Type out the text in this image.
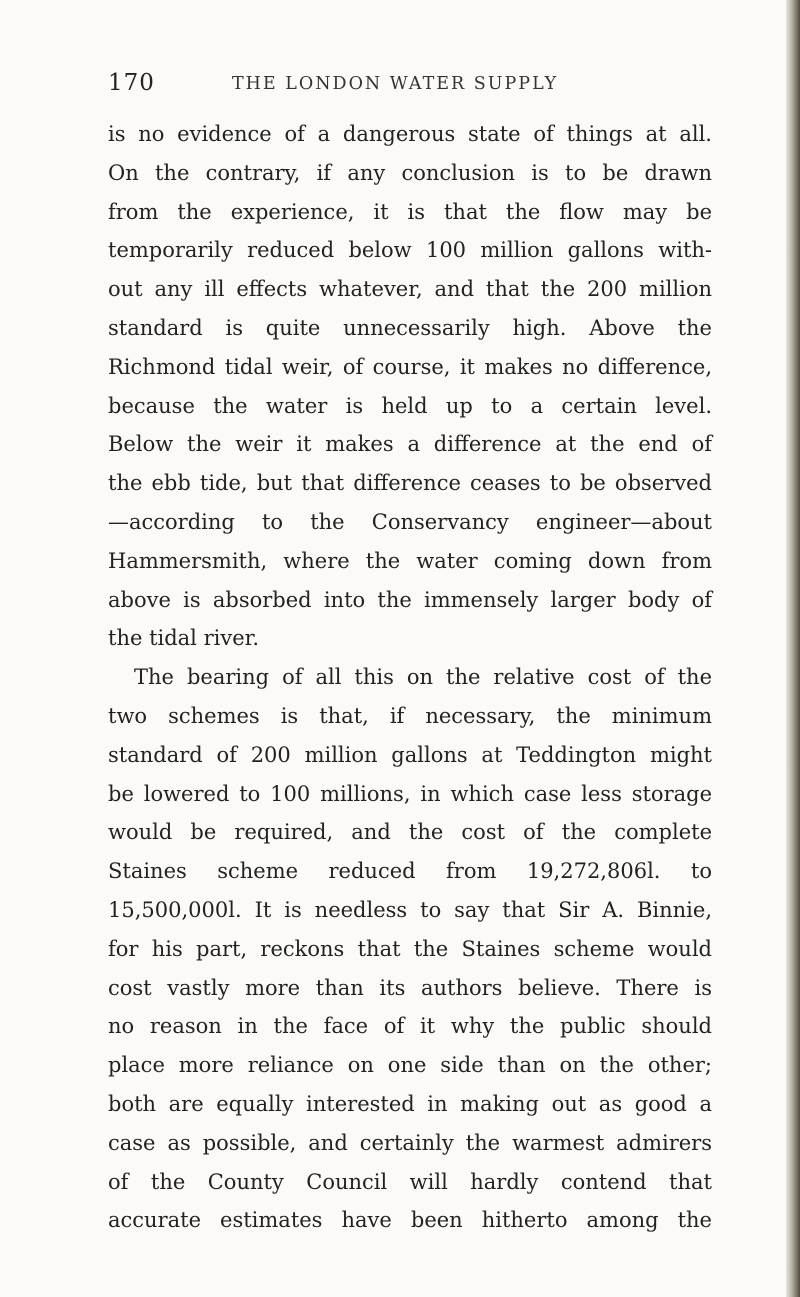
170	THE LONDON WATER SUPPLY
is no evidence of a dangerous state of things at all.
On the contrary, if any conclusion is to be drawn
from the experience, it is that the flow may be
temporarily reduced below 100 million gallons with-
out any ill effects whatever, and that the 200 million
standard is quite unnecessarily high. Above the
Richmond tidal weir, of course, it makes no difference,
because the water is held up to a certain level.
Below the weir it makes a difference at the end of
the ebb tide, but that difference ceases to be observed
—according to the Conservancy engineer—about
Hammersmith, where the water coming down from
above is absorbed into the immensely larger body of
the tidal river.
The bearing of all this on the relative cost of the
two schemes is that, if necessary, the minimum
standard of 200 million gallons at Teddington might
be lowered to 100 millions, in which case less storage
would be required, and the cost of the complete
Staines scheme reduced from 19,272,806l. to
15,500,000l. It is needless to say that Sir A. Binnie,
for his part, reckons that the Staines scheme would
cost vastly more than its authors believe. There is
no reason in the face of it why the public should
place more reliance on one side than on the other;
both are equally interested in making out as good a
case as possible, and certainly the warmest admirers
of the County Council will hardly contend that
accurate estimates have been hitherto among the
